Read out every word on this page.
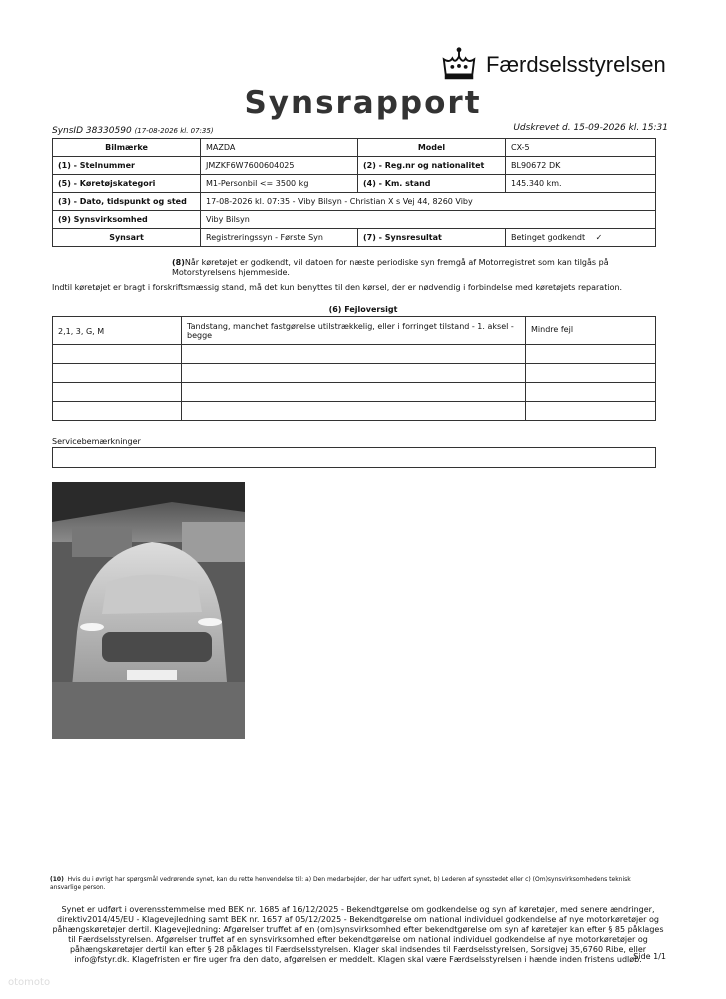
Færdselsstyrelsen
Synsrapport
SynsID 38330590 (17-08-2026 kl. 07:35)	Udskrevet d. 15-09-2026 kl. 15:31
Bilmærke	MAZDA	Model	CX-5
(1) - Stelnummer	JMZKF6W7600604025	(2) - Reg.nr og nationalitet	BL90672 DK
(5) - Køretøjskategori	M1-Personbil <= 3500 kg	(4) - Km. stand	145.340 km.
(3) - Dato, tidspunkt og sted	17-08-2026 kl. 07:35 - Viby Bilsyn - Christian X s Vej 44, 8260 Viby		
(9) Synsvirksomhed	Viby Bilsyn		
Synsart	Registreringssyn - Første Syn	(7) - Synsresultat	Betinget godkendt ✓
(8)Når køretøjet er godkendt, vil datoen for næste periodiske syn fremgå af Motorregistret som kan tilgås på Motorstyrelsens hjemmeside.
Indtil køretøjet er bragt i forskriftsmæssig stand, må det kun benyttes til den kørsel, der er nødvendig i forbindelse med køretøjets reparation.
(6) Fejloversigt
2,1, 3, G, M	Tandstang, manchet fastgørelse utilstrækkelig, eller i forringet tilstand - 1. aksel - begge	Mindre fejl

Servicebemærkninger
(10) Hvis du i øvrigt har spørgsmål vedrørende synet, kan du rette henvendelse til: a) Den medarbejder, der har udført synet, b) Lederen af synsstedet eller c) (Om)synsvirksomhedens teknisk ansvarlige person.
Synet er udført i overensstemmelse med BEK nr. 1685 af 16/12/2025 - Bekendtgørelse om godkendelse og syn af køretøjer, med senere ændringer, direktiv2014/45/EU - Klagevejledning samt BEK nr. 1657 af 05/12/2025 - Bekendtgørelse om national individuel godkendelse af nye motorkøretøjer og påhængskøretøjer dertil. Klagevejledning: Afgørelser truffet af en (om)synsvirksomhed efter bekendtgørelse om syn af køretøjer kan efter § 85 påklages til Færdselsstyrelsen. Afgørelser truffet af en synsvirksomhed efter bekendtgørelse om national individuel godkendelse af nye motorkøretøjer og påhængskøretøjer dertil kan efter § 28 påklages til Færdselsstyrelsen. Klager skal indsendes til Færdselsstyrelsen, Sorsigvej 35,6760 Ribe, eller info@fstyr.dk. Klagefristen er fire uger fra den dato, afgørelsen er meddelt. Klagen skal være Færdselsstyrelsen i hænde inden fristens udløb.
Side 1/1
otomoto
